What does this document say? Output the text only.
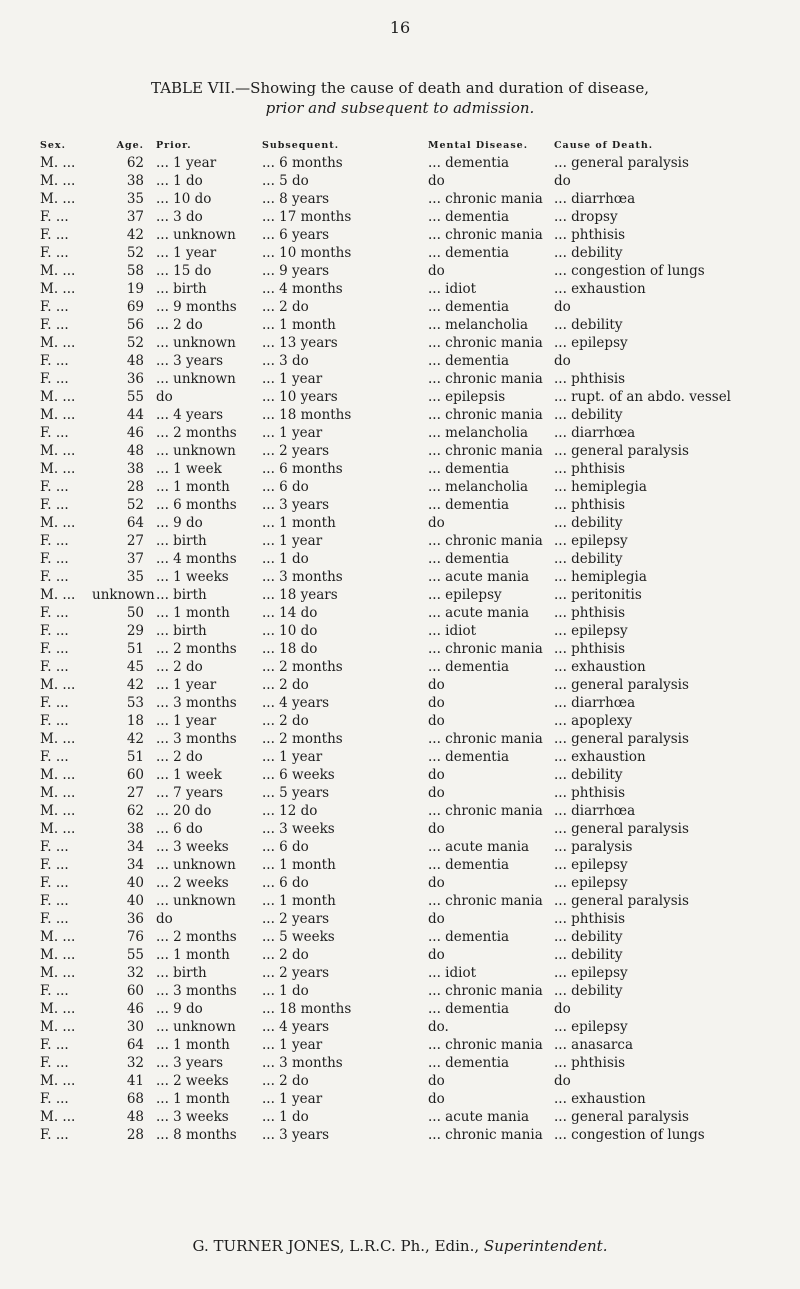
16
TABLE VII.—Showing the cause of death and duration of disease,
prior and subsequent to admission.
Sex.	Age. Prior.	Subsequent.	Mental Disease.	Cause of Death.
M. ...	62 ... 1 year	... 6 months	... dementia	... general paralysis
M. ...	38 ... 1 do	... 5 do	do	do
M. ...	35 ... 10 do	... 8 years	... chronic mania ... diarrhœa
F. ...	37 ... 3 do	... 17 months	... dementia	... dropsy
F. ...	42 ... unknown ... 6 years	... chronic mania ... phthisis
F. ...	52 ... 1 year	... 10 months	... dementia	... debility
M. ...	58 ... 15 do	... 9 years	do	... congestion of lungs
M. ...	19 ... birth	... 4 months	... idiot	... exhaustion
F. ...	69 ... 9 months ... 2 do	... dementia	do
F. ...	56 ... 2 do	... 1 month	... melancholia ... debility
M. ...	52 ... unknown ... 13 years	... chronic mania ... epilepsy
F. ...	48 ... 3 years	... 3 do	... dementia	do
F. ...	36 ... unknown ... 1 year	... chronic mania ... phthisis
M. ...	55 do	... 10 years	... epilepsis	... rupt. of an abdo. vessel
M. ...	44 ... 4 years	... 18 months	... chronic mania ... debility
F. ...	46 ... 2 months ... 1 year	... melancholia ... diarrhœa
M. ...	48 ... unknown ... 2 years	... chronic mania ... general paralysis
M. ...	38 ... 1 week	... 6 months	... dementia	... phthisis
F. ...	28 ... 1 month ... 6 do	... melancholia ... hemiplegia
F. ...	52 ... 6 months ... 3 years	... dementia	... phthisis
M. ...	64 ... 9 do	... 1 month	do	... debility
F. ...	27 ... birth	... 1 year	... chronic mania ... epilepsy
F. ...	37 ... 4 months ... 1 do	... dementia	... debility
F. ...	35 ... 1 weeks ... 3 months	... acute mania ... hemiplegia
M. ... unknown ... birth	... 18 years	... epilepsy	... peritonitis
F. ...	50 ... 1 month ... 14 do	... acute mania ... phthisis
F. ...	29 ... birth	... 10 do	... idiot	... epilepsy
F. ...	51 ... 2 months ... 18 do	... chronic mania ... phthisis
F. ...	45 ... 2 do	... 2 months	... dementia	... exhaustion
M. ...	42 ... 1 year	... 2 do	do	... general paralysis
F. ...	53 ... 3 months ... 4 years	do	... diarrhœa
F. ...	18 ... 1 year	... 2 do	do	... apoplexy
M. ...	42 ... 3 months ... 2 months	... chronic mania ... general paralysis
F. ...	51 ... 2 do	... 1 year	... dementia	... exhaustion
M. ...	60 ... 1 week	... 6 weeks	do	... debility
M. ...	27 ... 7 years	... 5 years	do	... phthisis
M. ...	62 ... 20 do	... 12 do	... chronic mania ... diarrhœa
M. ...	38 ... 6 do	... 3 weeks	do	... general paralysis
F. ...	34 ... 3 weeks ... 6 do	... acute mania ... paralysis
F. ...	34 ... unknown ... 1 month	... dementia	... epilepsy
F. ...	40 ... 2 weeks ... 6 do	do	... epilepsy
F. ...	40 ... unknown ... 1 month	... chronic mania ... general paralysis
F. ...	36 do	... 2 years	do	... phthisis
M. ...	76 ... 2 months ... 5 weeks	... dementia	... debility
M. ...	55 ... 1 month ... 2 do	do	... debility
M. ...	32 ... birth	... 2 years	... idiot	... epilepsy
F. ...	60 ... 3 months ... 1 do	... chronic mania ... debility
M. ...	46 ... 9 do	... 18 months	... dementia	do
M. ...	30 ... unknown ... 4 years	do.	... epilepsy
F. ...	64 ... 1 month ... 1 year	... chronic mania ... anasarca
F. ...	32 ... 3 years	... 3 months	... dementia	... phthisis
M. ...	41 ... 2 weeks ... 2 do	do	do
F. ...	68 ... 1 month ... 1 year	do	... exhaustion
M. ...	48 ... 3 weeks ... 1 do	... acute mania ... general paralysis
F. ...	28 ... 8 months ... 3 years	... chronic mania ... congestion of lungs
G. TURNER JONES, L.R.C. Ph., Edin., Superintendent.
